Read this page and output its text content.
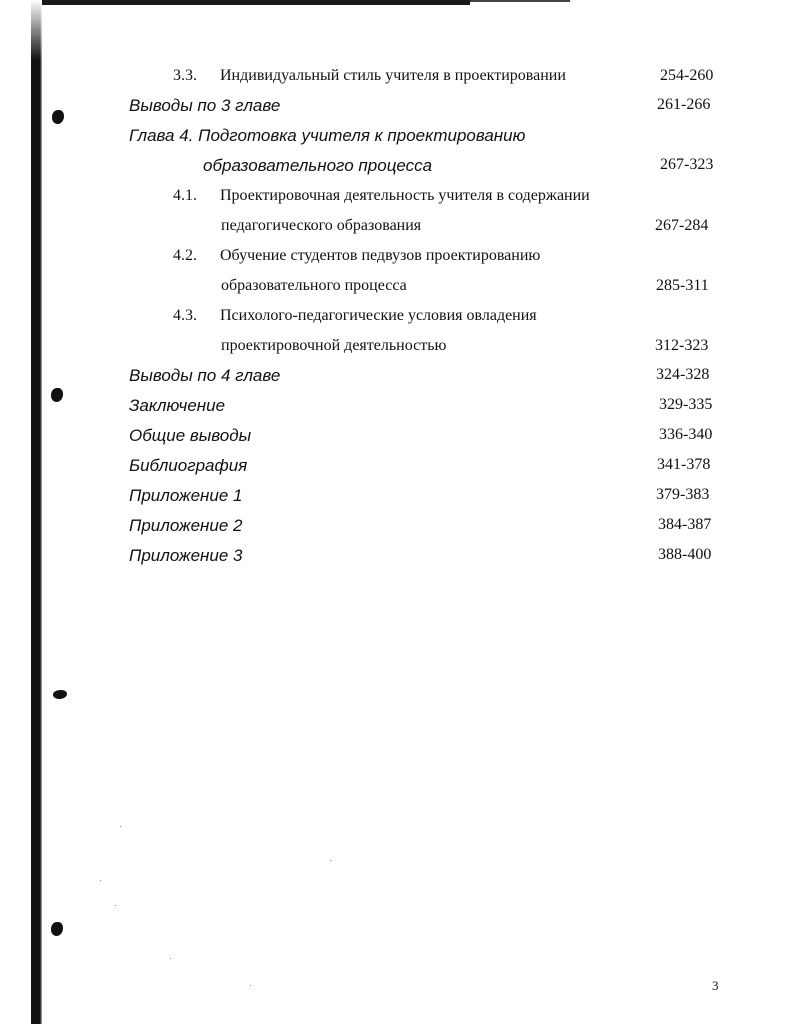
3.3. Индивидуальный стиль учителя в проектировании	254-260
Выводы по 3 главе	261-266
Глава 4. Подготовка учителя к проектированию
образовательного процесса	267-323
4.1. Проектировочная деятельность учителя в содержании
педагогического образования	267-284
4.2. Обучение студентов педвузов проектированию
образовательного процесса	285-311
4.3. Психолого-педагогические условия овладения
проектировочной деятельностью	312-323
Выводы по 4 главе	324-328
Заключение	329-335
Общие выводы	336-340
Библиография	341-378
Приложение 1	379-383
Приложение 2	384-387
Приложение 3	388-400
3
